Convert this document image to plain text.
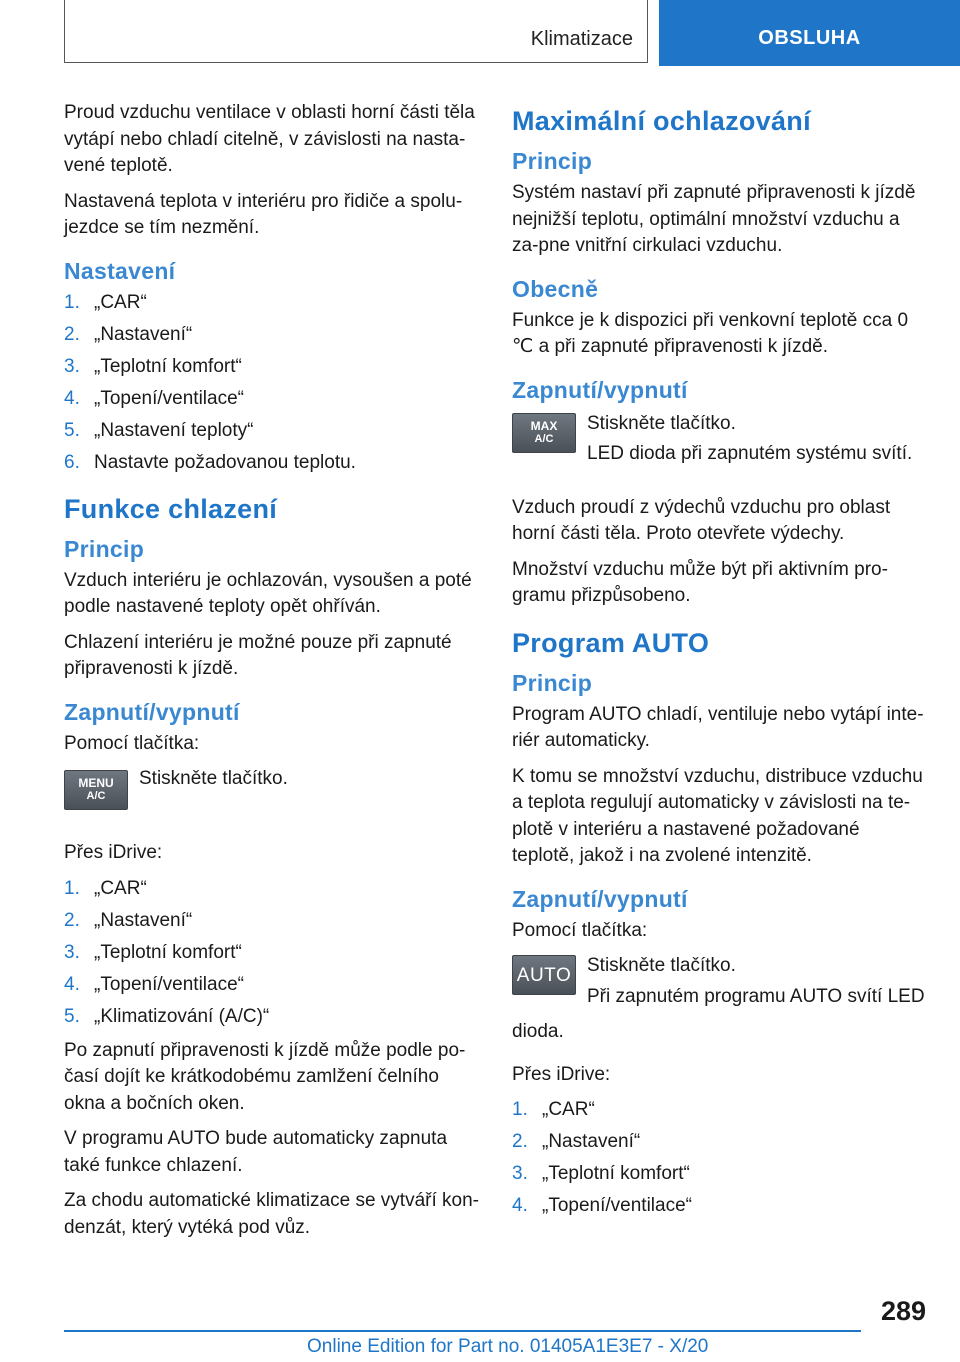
Klimatizace	OBSLUHA

Proud vzduchu ventilace v oblasti horní části těla vytápí nebo chladí citelně, v závislosti na nasta‐vené teplotě.

Nastavená teplota v interiéru pro řidiče a spolu‐jezdce se tím nezmění.

Nastavení
1. „CAR“
2. „Nastavení“
3. „Teplotní komfort“
4. „Topení/ventilace“
5. „Nastavení teploty“
6. Nastavte požadovanou teplotu.
Funkce chlazení
Princip

Vzduch interiéru je ochlazován, vysoušen a poté podle nastavené teploty opět ohříván.

Chlazení interiéru je možné pouze při zapnuté připravenosti k jízdě.

Zapnutí/vypnutí

Pomocí tlačítka:

MENU
A/C

Stiskněte tlačítko.

Přes iDrive:

1. „CAR“
2. „Nastavení“
3. „Teplotní komfort“
4. „Topení/ventilace“
5. „Klimatizování (A/C)“

Po zapnutí připravenosti k jízdě může podle po‐časí dojít ke krátkodobému zamlžení čelního okna a bočních oken.

V programu AUTO bude automaticky zapnuta také funkce chlazení.

Za chodu automatické klimatizace se vytváří kon‐denzát, který vytéká pod vůz.

Maximální ochlazování
Princip

Systém nastaví při zapnuté připravenosti k jízdě nejnižší teplotu, optimální množství vzduchu a za‐pne vnitřní cirkulaci vzduchu.

Obecně

Funkce je k dispozici při venkovní teplotě cca 0 ℃ a při zapnuté připravenosti k jízdě.

Zapnutí/vypnutí
MAX
A/C

Stiskněte tlačítko.

LED dioda při zapnutém systému svítí.

Vzduch proudí z výdechů vzduchu pro oblast horní části těla. Proto otevřete výdechy.

Množství vzduchu může být při aktivním pro‐gramu přizpůsobeno.

Program AUTO
Princip

Program AUTO chladí, ventiluje nebo vytápí inte‐riér automaticky.

K tomu se množství vzduchu, distribuce vzduchu a teplota regulují automaticky v závislosti na te‐plotě v interiéru a nastavené požadované teplotě, jakož i na zvolené intenzitě.

Zapnutí/vypnutí

Pomocí tlačítka:

AUTO Stiskněte tlačítko.

Při zapnutém programu AUTO svítí LED

dioda.

Přes iDrive:

1. „CAR“
2. „Nastavení“
3. „Teplotní komfort“
4. „Topení/ventilace“
289
Online Edition for Part no. 01405A1E3E7 - X/20
